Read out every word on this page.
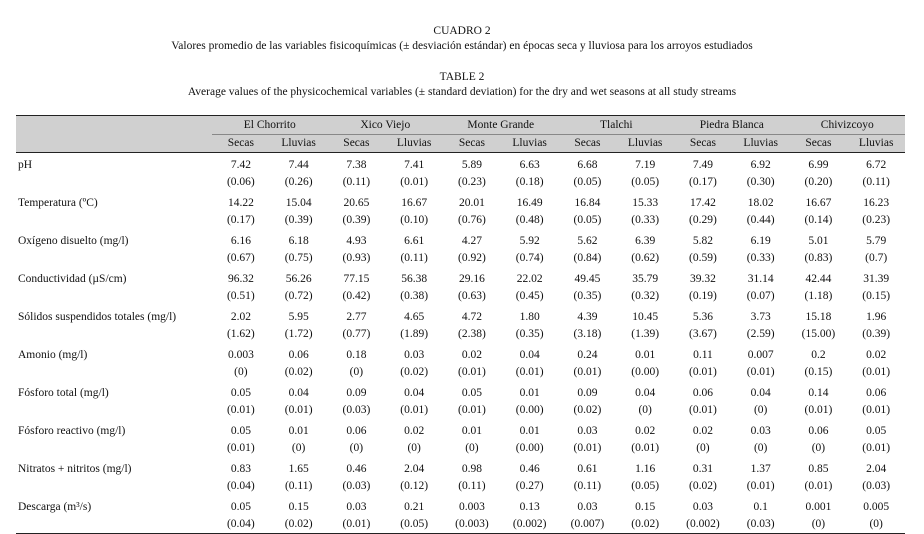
CUADRO 2
Valores promedio de las variables fisicoquímicas (± desviación estándar) en épocas seca y lluviosa para los arroyos estudiados
TABLE 2
Average values of the physicochemical variables (± standard deviation) for the dry and wet seasons at all study streams
	El Chorrito		Xico Viejo		Monte Grande		Tlalchi		Piedra Blanca		Chivizcoyo	
	Secas	Lluvias	Secas	Lluvias	Secas	Lluvias	Secas	Lluvias	Secas	Lluvias	Secas	Lluvias
pH	7.42	7.44	7.38	7.41	5.89	6.63	6.68	7.19	7.49	6.92	6.99	6.72
	(0.06)	(0.26)	(0.11)	(0.01)	(0.23)	(0.18)	(0.05)	(0.05)	(0.17)	(0.30)	(0.20)	(0.11)
Temperatura (ºC)	14.22	15.04	20.65	16.67	20.01	16.49	16.84	15.33	17.42	18.02	16.67	16.23
	(0.17)	(0.39)	(0.39)	(0.10)	(0.76)	(0.48)	(0.05)	(0.33)	(0.29)	(0.44)	(0.14)	(0.23)
Oxígeno disuelto (mg/l)	6.16	6.18	4.93	6.61	4.27	5.92	5.62	6.39	5.82	6.19	5.01	5.79
	(0.67)	(0.75)	(0.93)	(0.11)	(0.92)	(0.74)	(0.84)	(0.62)	(0.59)	(0.33)	(0.83)	(0.7)
Conductividad (µS/cm)	96.32	56.26	77.15	56.38	29.16	22.02	49.45	35.79	39.32	31.14	42.44	31.39
	(0.51)	(0.72)	(0.42)	(0.38)	(0.63)	(0.45)	(0.35)	(0.32)	(0.19)	(0.07)	(1.18)	(0.15)
Sólidos suspendidos totales (mg/l)	2.02	5.95	2.77	4.65	4.72	1.80	4.39	10.45	5.36	3.73	15.18	1.96
	(1.62)	(1.72)	(0.77)	(1.89)	(2.38)	(0.35)	(3.18)	(1.39)	(3.67)	(2.59)	(15.00)	(0.39)
Amonio (mg/l)	0.003	0.06	0.18	0.03	0.02	0.04	0.24	0.01	0.11	0.007	0.2	0.02
	(0)	(0.02)	(0)	(0.02)	(0.01)	(0.01)	(0.01)	(0.00)	(0.01)	(0.01)	(0.15)	(0.01)
Fósforo total (mg/l)	0.05	0.04	0.09	0.04	0.05	0.01	0.09	0.04	0.06	0.04	0.14	0.06
	(0.01)	(0.01)	(0.03)	(0.01)	(0.01)	(0.00)	(0.02)	(0)	(0.01)	(0)	(0.01)	(0.01)
Fósforo reactivo (mg/l)	0.05	0.01	0.06	0.02	0.01	0.01	0.03	0.02	0.02	0.03	0.06	0.05
	(0.01)	(0)	(0)	(0)	(0)	(0.00)	(0.01)	(0.01)	(0)	(0)	(0)	(0.01)
Nitratos + nitritos (mg/l)	0.83	1.65	0.46	2.04	0.98	0.46	0.61	1.16	0.31	1.37	0.85	2.04
	(0.04)	(0.11)	(0.03)	(0.12)	(0.11)	(0.27)	(0.11)	(0.05)	(0.02)	(0.01)	(0.01)	(0.03)
Descarga (m³/s)	0.05	0.15	0.03	0.21	0.003	0.13	0.03	0.15	0.03	0.1	0.001	0.005
	(0.04)	(0.02)	(0.01)	(0.05)	(0.003)	(0.002)	(0.007)	(0.02)	(0.002)	(0.03)	(0)	(0)
